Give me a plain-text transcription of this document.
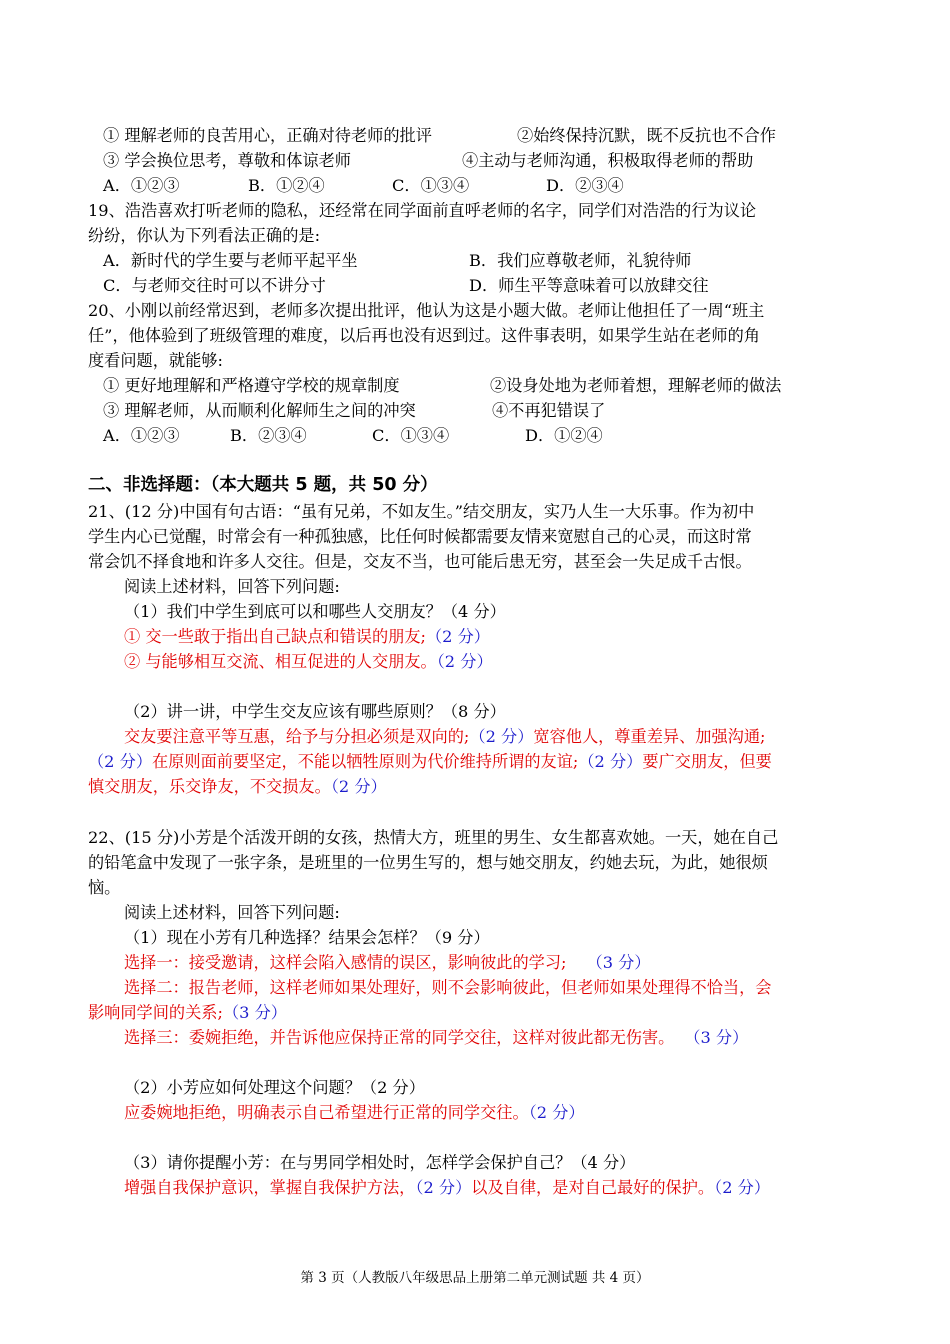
① 理解老师的良苦用心，正确对待老师的批评	②始终保持沉默，既不反抗也不合作
③ 学会换位思考，尊敬和体谅老师	④主动与老师沟通，积极取得老师的帮助
A．①②③	B．①②④	C．①③④	D．②③④
19、浩浩喜欢打听老师的隐私，还经常在同学面前直呼老师的名字，同学们对浩浩的行为议论
纷纷，你认为下列看法正确的是:
A．新时代的学生要与老师平起平坐	B．我们应尊敬老师，礼貌待师
C．与老师交往时可以不讲分寸	D．师生平等意味着可以放肆交往
20、小刚以前经常迟到，老师多次提出批评，他认为这是小题大做。老师让他担任了一周“班主
任”，他体验到了班级管理的难度，以后再也没有迟到过。这件事表明，如果学生站在老师的角
度看问题，就能够:
① 更好地理解和严格遵守学校的规章制度	②设身处地为老师着想，理解老师的做法
③ 理解老师，从而顺利化解师生之间的冲突	④不再犯错误了
A．①②③	B．②③④	C．①③④	D．①②④
二、非选择题：（本大题共 5 题，共 50 分）
21、(12 分)中国有句古语：“虽有兄弟，不如友生。”结交朋友，实乃人生一大乐事。作为初中
学生内心已觉醒，时常会有一种孤独感，比任何时候都需要友情来宽慰自己的心灵，而这时常
常会饥不择食地和许多人交往。但是，交友不当，也可能后患无穷，甚至会一失足成千古恨。
阅读上述材料，回答下列问题:
（1）我们中学生到底可以和哪些人交朋友？（4 分）
① 交一些敢于指出自己缺点和错误的朋友;（2 分）
② 与能够相互交流、相互促进的人交朋友。（2 分）
（2）讲一讲，中学生交友应该有哪些原则？（8 分）
交友要注意平等互惠，给予与分担必须是双向的;（2 分）宽容他人，尊重差异、加强沟通;
（2 分）在原则面前要坚定，不能以牺牲原则为代价维持所谓的友谊;（2 分）要广交朋友，但要
慎交朋友，乐交诤友，不交损友。（2 分）
22、(15 分)小芳是个活泼开朗的女孩，热情大方，班里的男生、女生都喜欢她。一天，她在自己
的铅笔盒中发现了一张字条，是班里的一位男生写的，想与她交朋友，约她去玩，为此，她很烦
恼。
阅读上述材料，回答下列问题:
（1）现在小芳有几种选择？结果会怎样？（9 分）
选择一：接受邀请，这样会陷入感情的误区，影响彼此的学习; （3 分）
选择二：报告老师，这样老师如果处理好，则不会影响彼此，但老师如果处理得不恰当，会
影响同学间的关系;（3 分）
选择三：委婉拒绝，并告诉他应保持正常的同学交往，这样对彼此都无伤害。 （3 分）
（2）小芳应如何处理这个问题？（2 分）
应委婉地拒绝，明确表示自己希望进行正常的同学交往。（2 分）
（3）请你提醒小芳：在与男同学相处时，怎样学会保护自己？（4 分）
增强自我保护意识，掌握自我保护方法，（2 分）以及自律，是对自己最好的保护。（2 分）
第 3 页（人教版八年级思品上册第二单元测试题 共 4 页）
